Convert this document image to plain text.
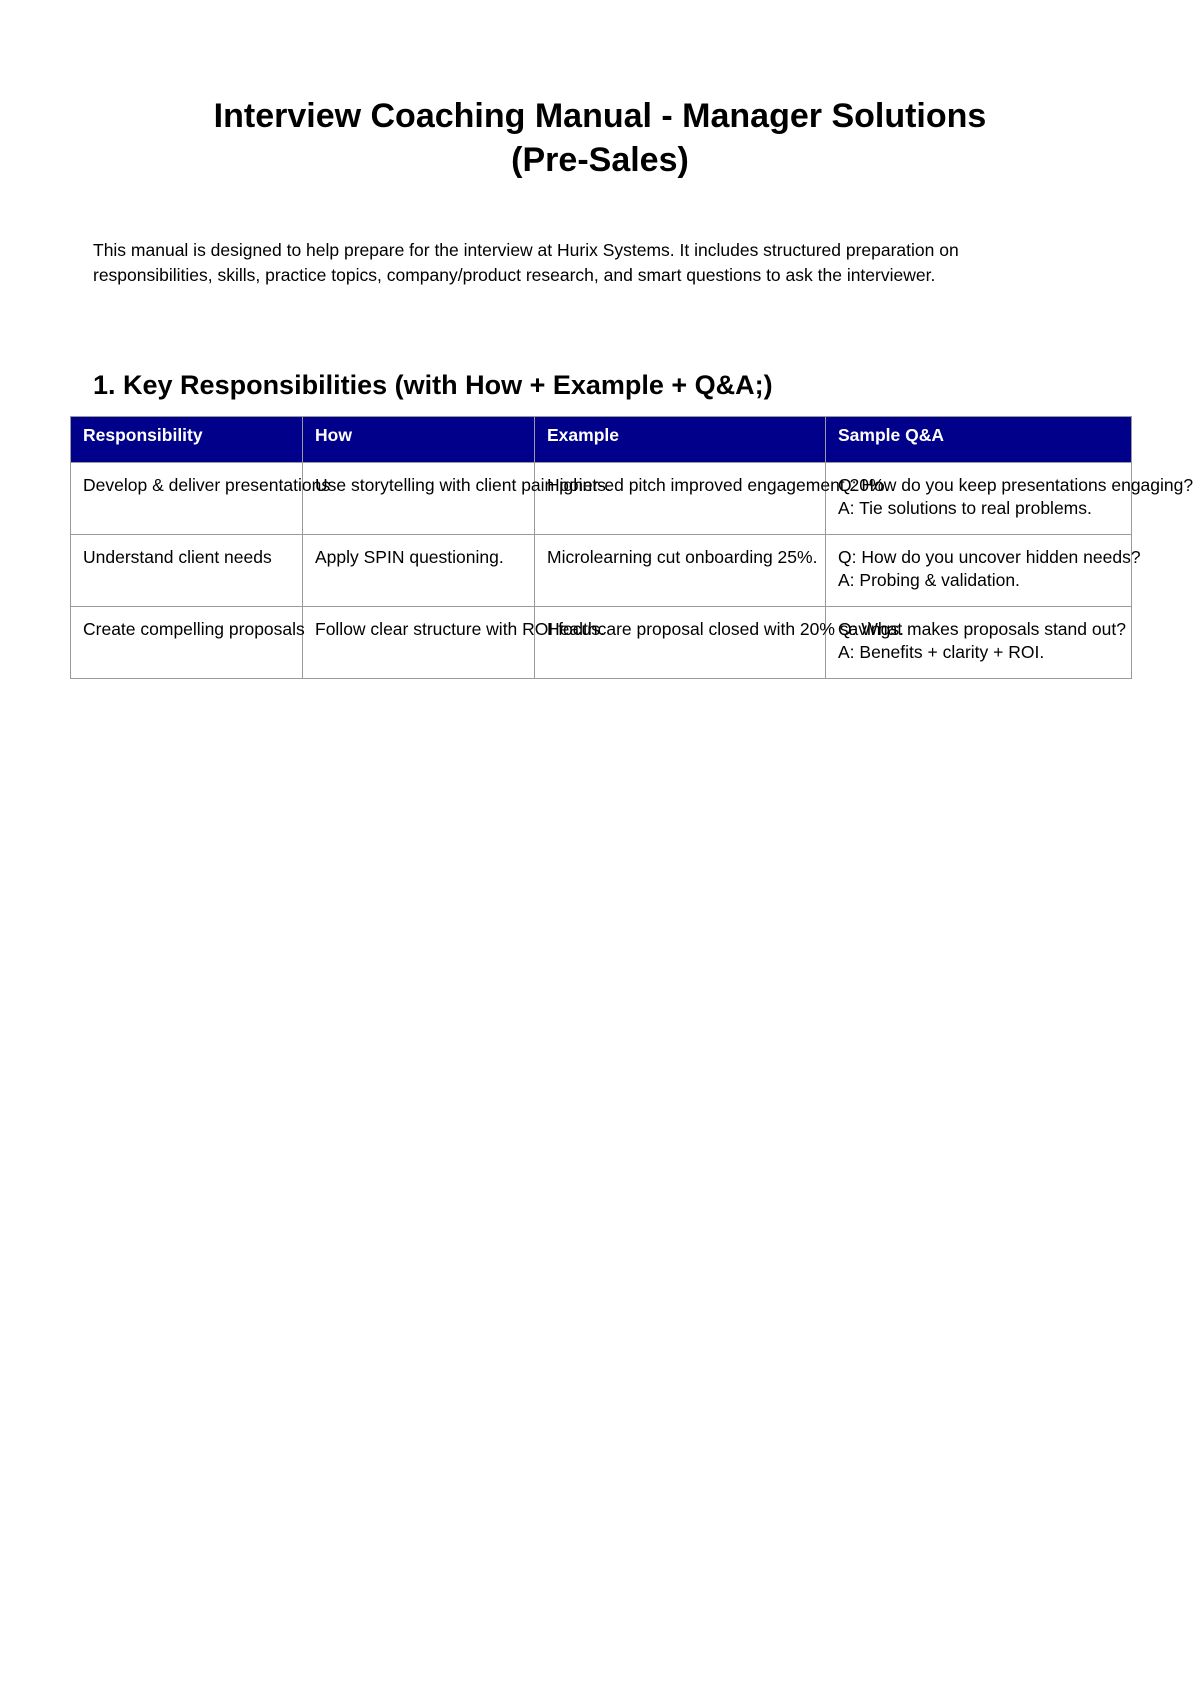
Interview Coaching Manual - Manager Solutions
(Pre-Sales)

This manual is designed to help prepare for the interview at Hurix Systems. It includes structured preparation on
responsibilities, skills, practice topics, company/product research, and smart questions to ask the interviewer.

1. Key Responsibilities (with How + Example + Q&A;)
Responsibility	How	Example	Sample Q&A
Develop & deliver presentations	Use storytelling with client pain points.	Higher-ed pitch improved engagement 20%.	Q: How do you keep presentations engaging?
A: Tie solutions to real problems.

Understand client needs	Apply SPIN questioning.	Microlearning cut onboarding 25%.	Q: How do you uncover hidden needs?
A: Probing & validation.

Create compelling proposals	Follow clear structure with ROI focus.	Healthcare proposal closed with 20% savings.	Q: What makes proposals stand out?
A: Benefits + clarity + ROI.
